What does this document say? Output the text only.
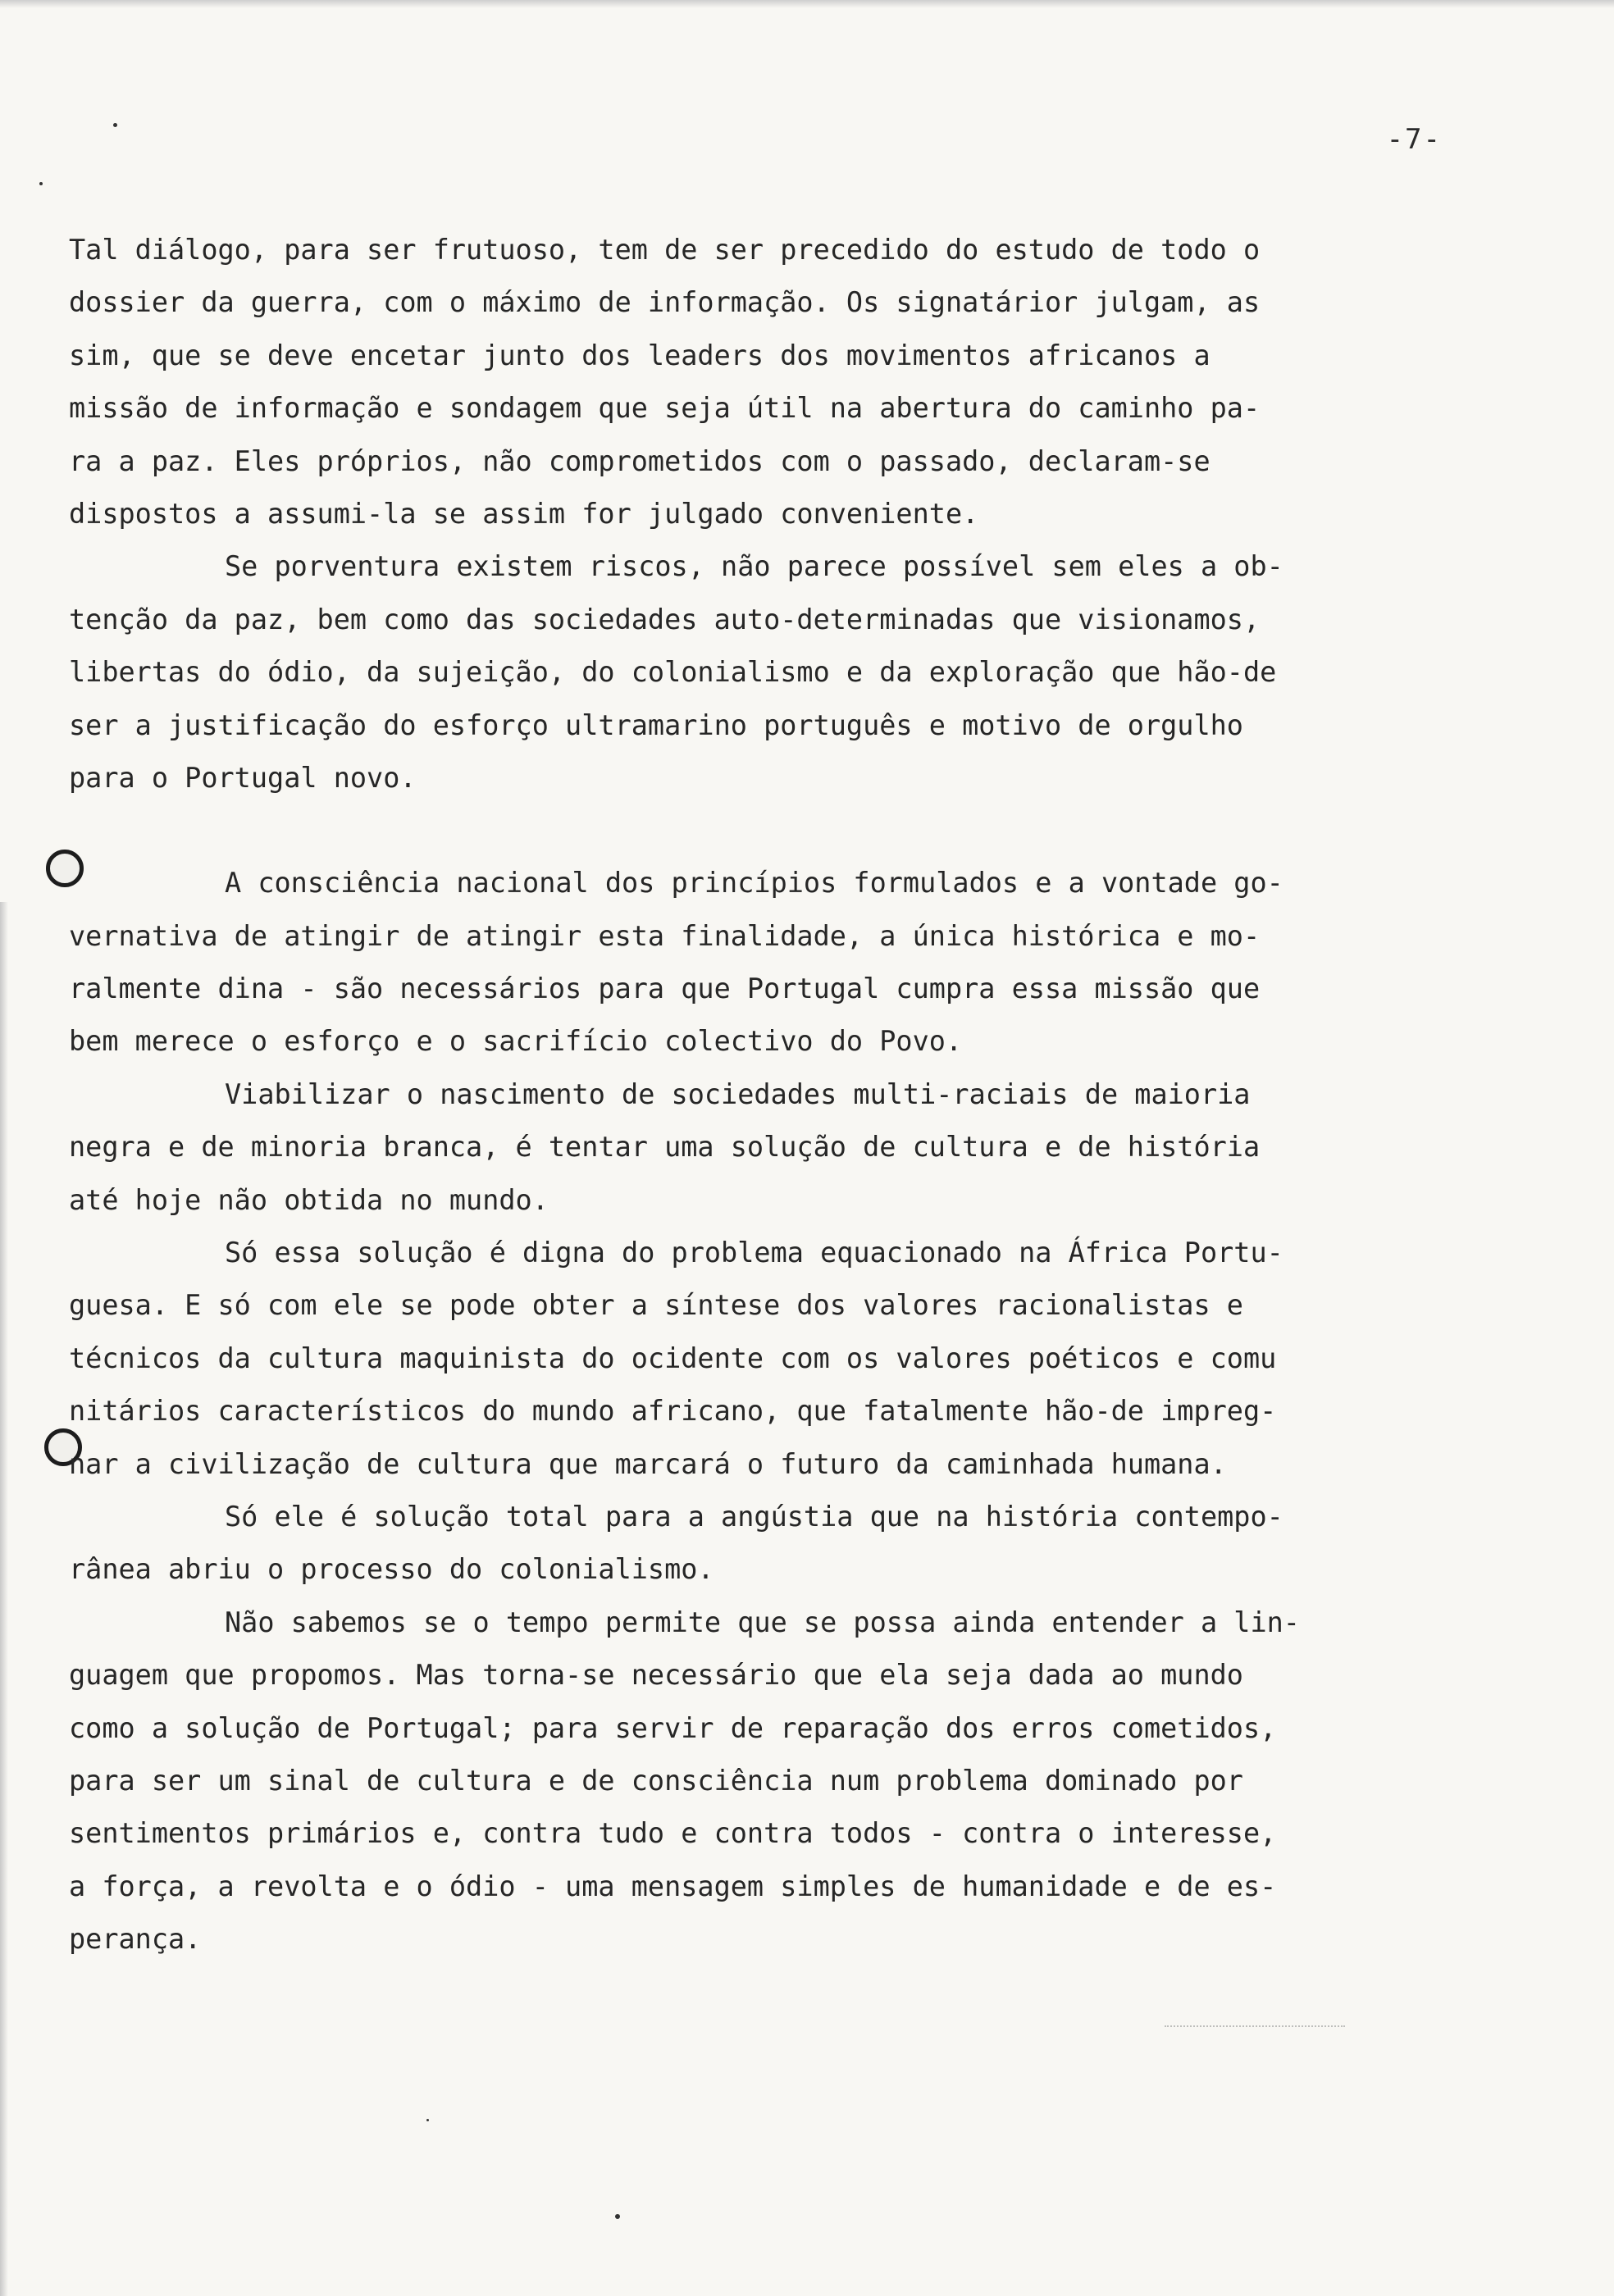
-7-
Tal diálogo, para ser frutuoso, tem de ser precedido do estudo de todo o
dossier da guerra, com o máximo de informação. Os signatárior julgam, as
sim, que se deve encetar junto dos leaders dos movimentos africanos a
missão de informação e sondagem que seja útil na abertura do caminho pa-
ra a paz. Eles próprios, não comprometidos com o passado, declaram-se
dispostos a assumi-la se assim for julgado conveniente.
Se porventura existem riscos, não parece possível sem eles a ob-
tenção da paz, bem como das sociedades auto-determinadas que visionamos,
libertas do ódio, da sujeição, do colonialismo e da exploração que hão-de
ser a justificação do esforço ultramarino português e motivo de orgulho
para o Portugal novo.
A consciência nacional dos princípios formulados e a vontade go-
vernativa de atingir de atingir esta finalidade, a única histórica e mo-
ralmente dina - são necessários para que Portugal cumpra essa missão que
bem merece o esforço e o sacrifício colectivo do Povo.
Viabilizar o nascimento de sociedades multi-raciais de maioria
negra e de minoria branca, é tentar uma solução de cultura e de história
até hoje não obtida no mundo.
Só essa solução é digna do problema equacionado na África Portu-
guesa. E só com ele se pode obter a síntese dos valores racionalistas e
técnicos da cultura maquinista do ocidente com os valores poéticos e comu
nitários característicos do mundo africano, que fatalmente hão-de impreg-
nar a civilização de cultura que marcará o futuro da caminhada humana.
Só ele é solução total para a angústia que na história contempo-
rânea abriu o processo do colonialismo.
Não sabemos se o tempo permite que se possa ainda entender a lin-
guagem que propomos. Mas torna-se necessário que ela seja dada ao mundo
como a solução de Portugal; para servir de reparação dos erros cometidos,
para ser um sinal de cultura e de consciência num problema dominado por
sentimentos primários e, contra tudo e contra todos - contra o interesse,
a força, a revolta e o ódio - uma mensagem simples de humanidade e de es-
perança.
